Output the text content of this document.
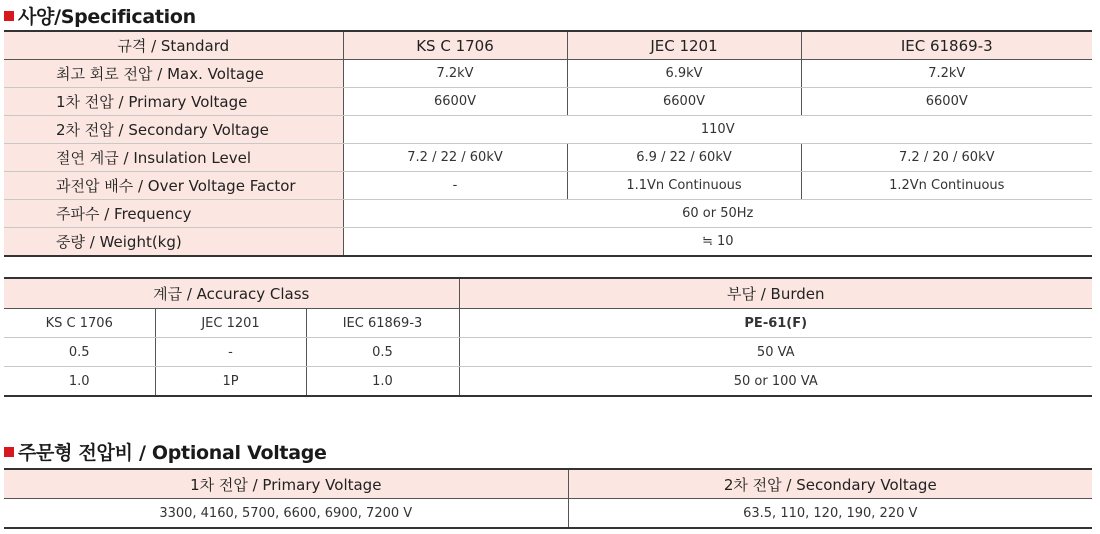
사양/Specification
규격 / Standard	KS C 1706	JEC 1201	IEC 61869-3
최고 회로 전압 / Max. Voltage	7.2kV	6.9kV	7.2kV
1차 전압 / Primary Voltage	6600V	6600V	6600V
2차 전압 / Secondary Voltage	110V		
절연 계급 / Insulation Level	7.2 / 22 / 60kV	6.9 / 22 / 60kV	7.2 / 20 / 60kV
과전압 배수 / Over Voltage Factor	-	1.1Vn Continuous	1.2Vn Continuous
주파수 / Frequency	60 or 50Hz		
중량 / Weight(kg)	≒ 10		
계급 / Accuracy Class			부담 / Burden
KS C 1706	JEC 1201	IEC 61869-3	PE-61(F)
0.5	-	0.5	50 VA
1.0	1P	1.0	50 or 100 VA
주문형 전압비 / Optional Voltage
1차 전압 / Primary Voltage	2차 전압 / Secondary Voltage
3300, 4160, 5700, 6600, 6900, 7200 V	63.5, 110, 120, 190, 220 V
